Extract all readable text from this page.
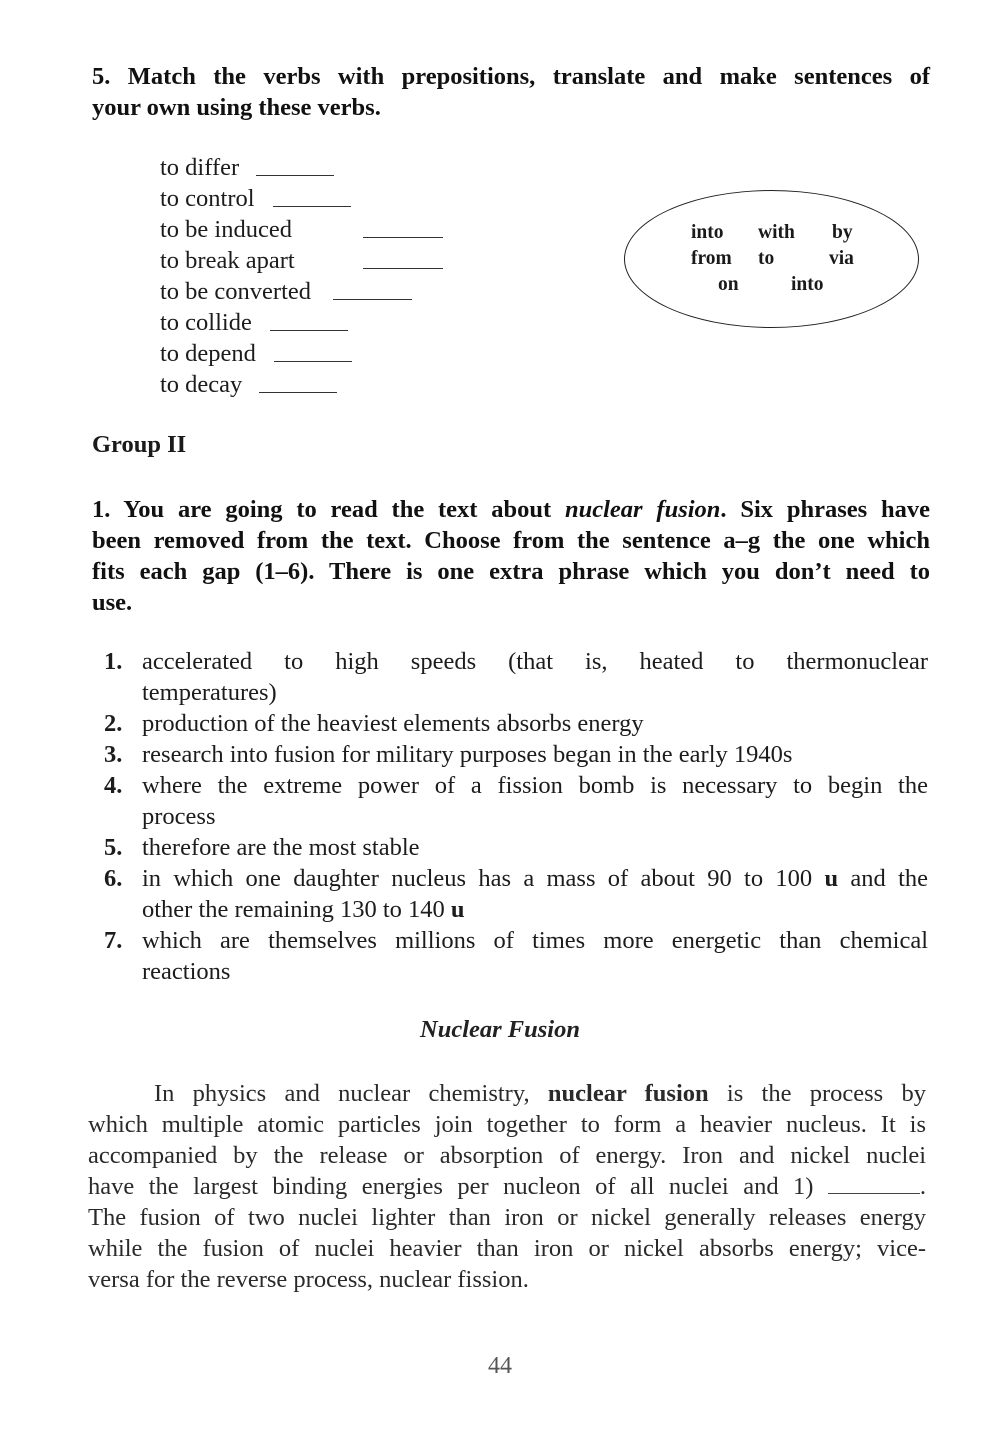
5. Match the verbs with prepositions, translate and make sentences of
your own using these verbs.
to differ
to control
to be induced
to break apart
to be converted
to collide
to depend
to decay
into with by
from to	via
on	into
Group II
1. You are going to read the text about nuclear fusion. Six phrases have
been removed from the text. Choose from the sentence a–g the one which
fits each gap (1–6). There is one extra phrase which you don’t need to
use.
1. accelerated to high speeds (that is, heated to thermonuclear
temperatures)
2. production of the heaviest elements absorbs energy
3. research into fusion for military purposes began in the early 1940s
4. where the extreme power of a fission bomb is necessary to begin the
process
5. therefore are the most stable
6. in which one daughter nucleus has a mass of about 90 to 100 u and the
other the remaining 130 to 140 u
7. which are themselves millions of times more energetic than chemical
reactions
Nuclear Fusion
In physics and nuclear chemistry, nuclear fusion is the process by
which multiple atomic particles join together to form a heavier nucleus. It is
accompanied by the release or absorption of energy. Iron and nickel nuclei
have the largest binding energies per nucleon of all nuclei and 1)	.
The fusion of two nuclei lighter than iron or nickel generally releases energy
while the fusion of nuclei heavier than iron or nickel absorbs energy; vice-
versa for the reverse process, nuclear fission.
44
